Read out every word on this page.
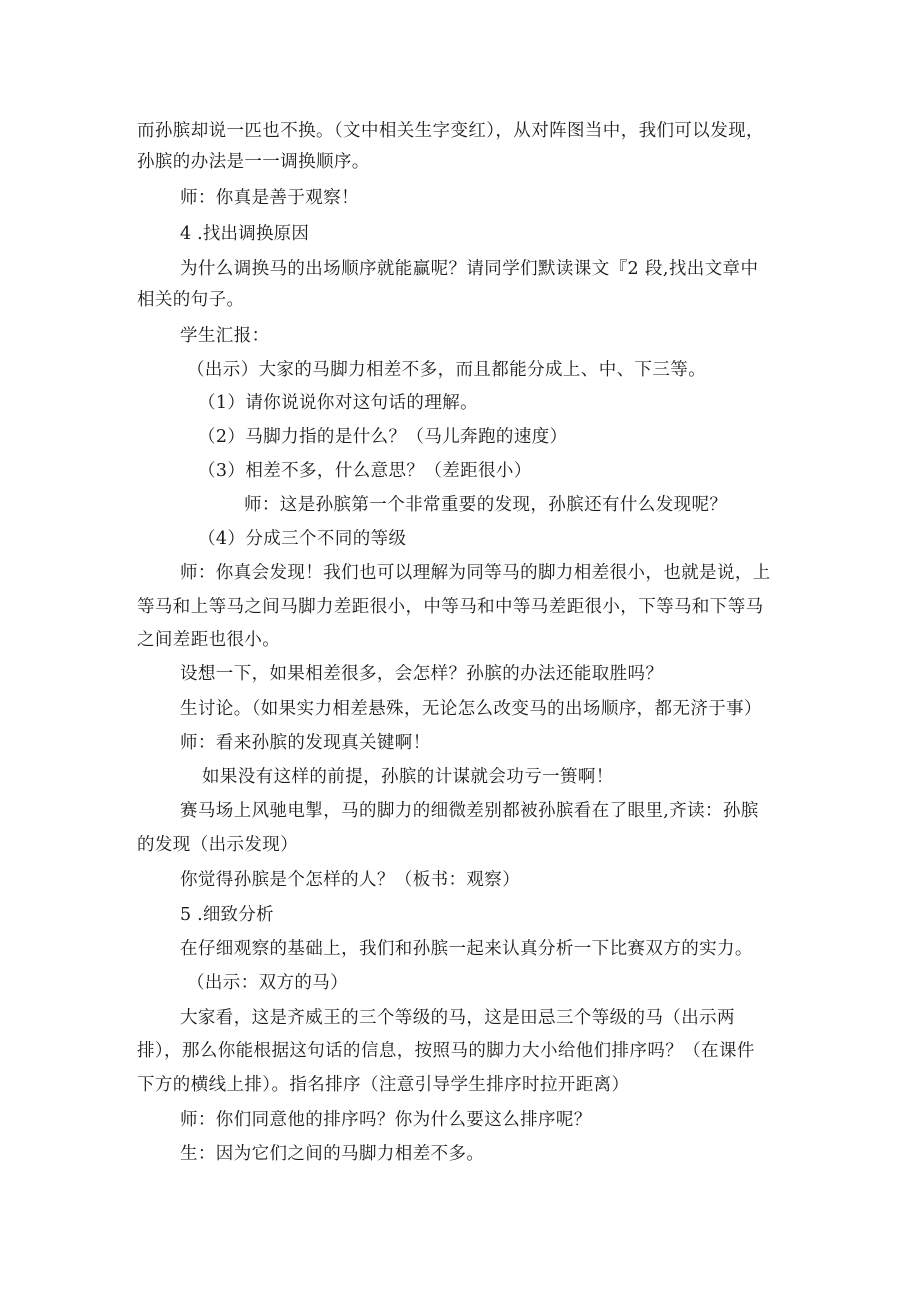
而孙膑却说一匹也不换。（文中相关生字变红），从对阵图当中，我们可以发现，
孙膑的办法是一一调换顺序。
师：你真是善于观察！
4 .找出调换原因
为什么调换马的出场顺序就能赢呢？请同学们默读课文『2 段,找出文章中
相关的句子。
学生汇报：
（出示）大家的马脚力相差不多，而且都能分成上、中、下三等。
（1）请你说说你对这句话的理解。
（2）马脚力指的是什么？（马儿奔跑的速度）
（3）相差不多，什么意思？（差距很小）
师：这是孙膑第一个非常重要的发现，孙膑还有什么发现呢？
（4）分成三个不同的等级
师：你真会发现！我们也可以理解为同等马的脚力相差很小，也就是说，上
等马和上等马之间马脚力差距很小，中等马和中等马差距很小，下等马和下等马
之间差距也很小。
设想一下，如果相差很多，会怎样？孙膑的办法还能取胜吗？
生讨论。（如果实力相差悬殊，无论怎么改变马的出场顺序，都无济于事）
师：看来孙膑的发现真关键啊！
如果没有这样的前提，孙膑的计谋就会功亏一篑啊！
赛马场上风驰电掣，马的脚力的细微差别都被孙膑看在了眼里,齐读：孙膑
的发现（出示发现）
你觉得孙膑是个怎样的人？（板书：观察）
5 .细致分析
在仔细观察的基础上，我们和孙膑一起来认真分析一下比赛双方的实力。
（出示：双方的马）
大家看，这是齐威王的三个等级的马，这是田忌三个等级的马（出示两
排），那么你能根据这句话的信息，按照马的脚力大小给他们排序吗？（在课件
下方的横线上排）。指名排序（注意引导学生排序时拉开距离）
师：你们同意他的排序吗？你为什么要这么排序呢？
生：因为它们之间的马脚力相差不多。
